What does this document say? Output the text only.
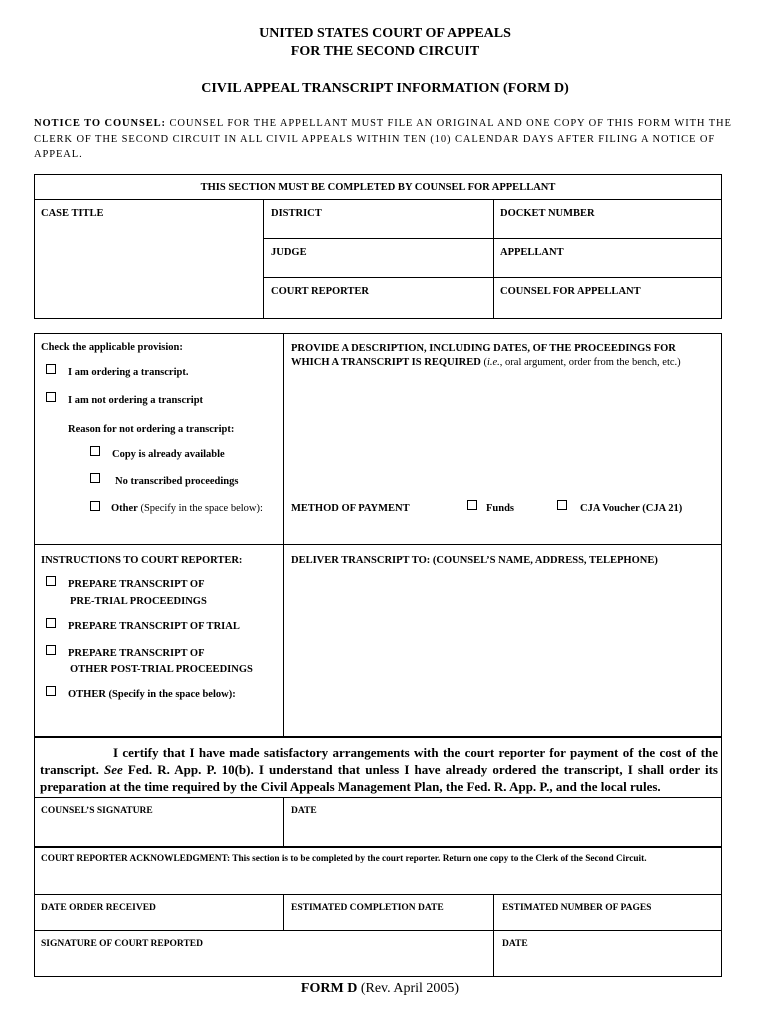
UNITED STATES COURT OF APPEALS
FOR THE SECOND CIRCUIT
CIVIL APPEAL TRANSCRIPT INFORMATION (FORM D)
NOTICE TO COUNSEL: COUNSEL FOR THE APPELLANT MUST FILE AN ORIGINAL AND ONE COPY OF THIS FORM WITH THE CLERK OF THE SECOND CIRCUIT IN ALL CIVIL APPEALS WITHIN TEN (10) CALENDAR DAYS AFTER FILING A NOTICE OF APPEAL.
THIS SECTION MUST BE COMPLETED BY COUNSEL FOR APPELLANT
CASE TITLE	DISTRICT	DOCKET NUMBER
JUDGE	APPELLANT
COURT REPORTER	COUNSEL FOR APPELLANT
Check the applicable provision:
I am ordering a transcript.
I am not ordering a transcript
Reason for not ordering a transcript:
Copy is already available
No transcribed proceedings
Other (Specify in the space below):
PROVIDE A DESCRIPTION, INCLUDING DATES, OF THE PROCEEDINGS FOR WHICH A TRANSCRIPT IS REQUIRED (i.e., oral argument, order from the bench, etc.)
METHOD OF PAYMENT	Funds	CJA Voucher (CJA 21)
INSTRUCTIONS TO COURT REPORTER:
PREPARE TRANSCRIPT OF
PRE-TRIAL PROCEEDINGS
PREPARE TRANSCRIPT OF TRIAL
PREPARE TRANSCRIPT OF
OTHER POST-TRIAL PROCEEDINGS
OTHER (Specify in the space below):
DELIVER TRANSCRIPT TO: (COUNSEL’S NAME, ADDRESS, TELEPHONE)
I certify that I have made satisfactory arrangements with the court reporter for payment of the cost of the transcript. See Fed. R. App. P. 10(b). I understand that unless I have already ordered the transcript, I shall order its preparation at the time required by the Civil Appeals Management Plan, the Fed. R. App. P., and the local rules.
COUNSEL’S SIGNATURE	DATE
COURT REPORTER ACKNOWLEDGMENT: This section is to be completed by the court reporter. Return one copy to the Clerk of the Second Circuit.
DATE ORDER RECEIVED	ESTIMATED COMPLETION DATE	ESTIMATED NUMBER OF PAGES
SIGNATURE OF COURT REPORTED	DATE
FORM D (Rev. April 2005)
